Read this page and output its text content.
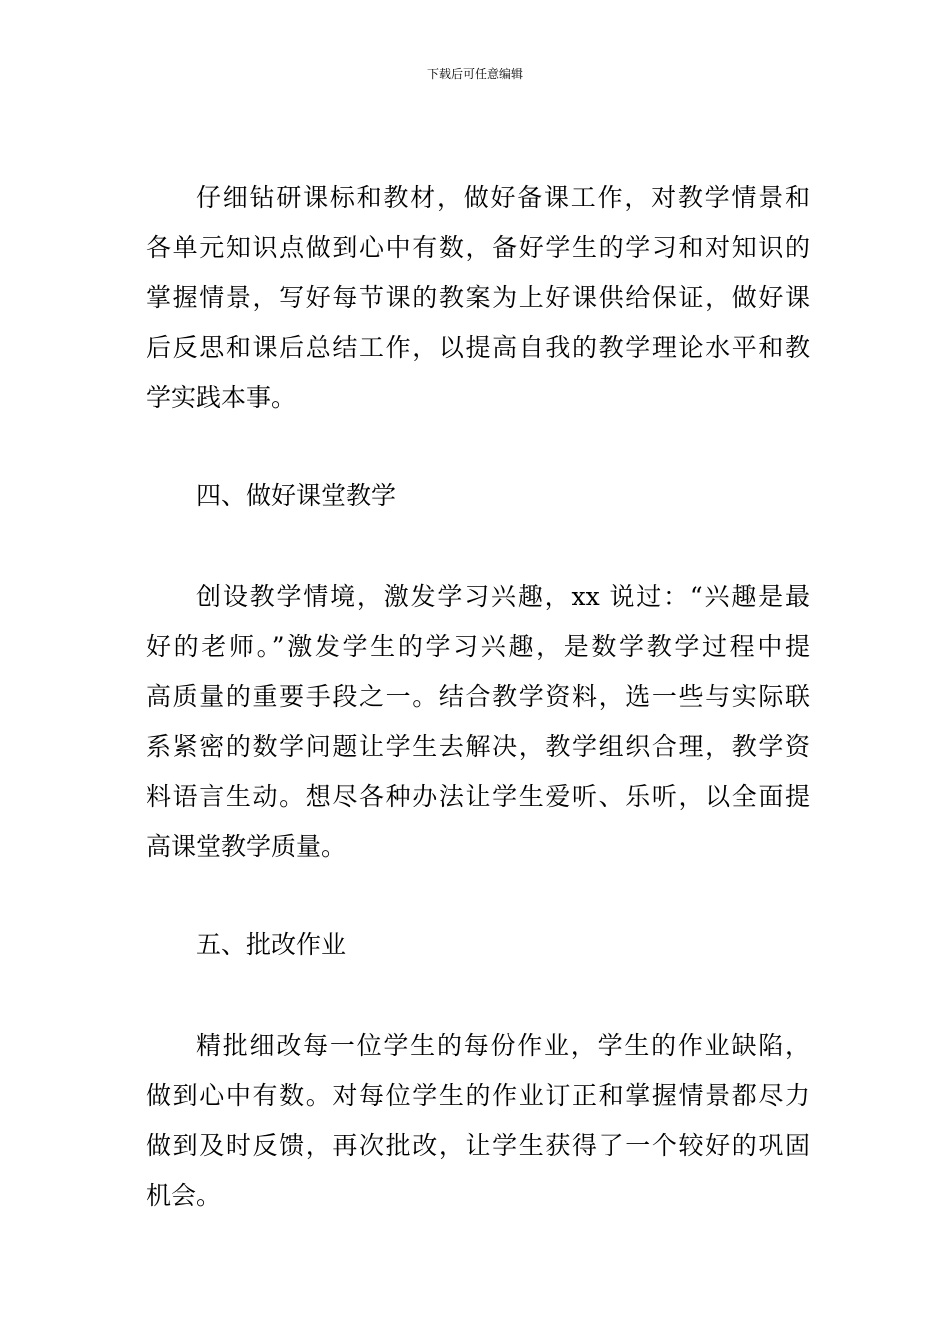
下载后可任意编辑
仔细钻研课标和教材，做好备课工作，对教学情景和
各单元知识点做到心中有数，备好学生的学习和对知识的
掌握情景，写好每节课的教案为上好课供给保证，做好课
后反思和课后总结工作，以提高自我的教学理论水平和教
学实践本事。
四、做好课堂教学
创设教学情境，激发学习兴趣，xx 说过：“兴趣是最
好的老师。”激发学生的学习兴趣，是数学教学过程中提
高质量的重要手段之一。结合教学资料，选一些与实际联
系紧密的数学问题让学生去解决，教学组织合理，教学资
料语言生动。想尽各种办法让学生爱听、乐听，以全面提
高课堂教学质量。
五、批改作业
精批细改每一位学生的每份作业，学生的作业缺陷，
做到心中有数。对每位学生的作业订正和掌握情景都尽力
做到及时反馈，再次批改，让学生获得了一个较好的巩固
机会。
